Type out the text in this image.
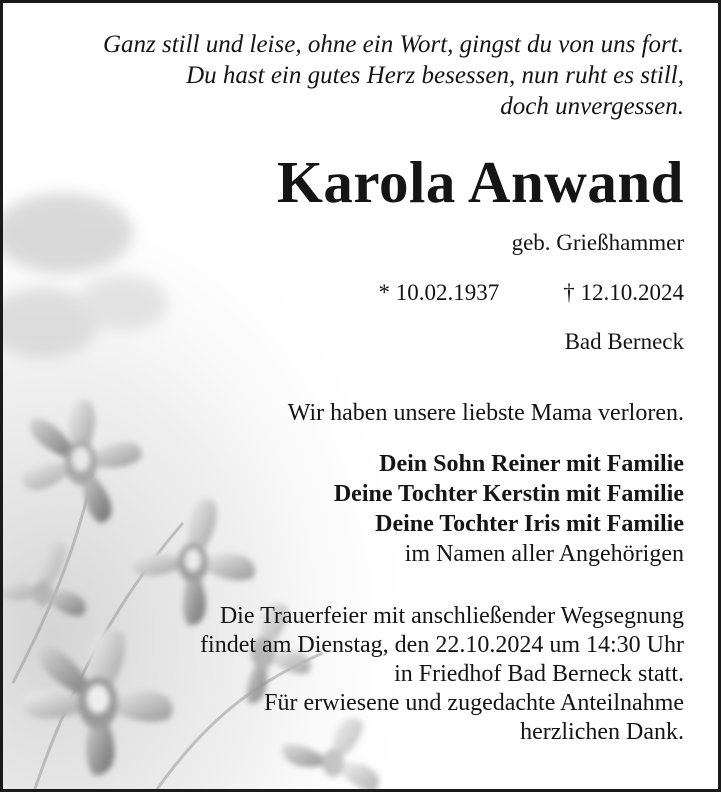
Ganz still und leise, ohne ein Wort, gingst du von uns fort.
Du hast ein gutes Herz besessen, nun ruht es still,
doch unvergessen.
Karola Anwand
geb. Grießhammer
* 10.02.1937	† 12.10.2024
Bad Berneck
Wir haben unsere liebste Mama verloren.
Dein Sohn Reiner mit Familie
Deine Tochter Kerstin mit Familie
Deine Tochter Iris mit Familie
im Namen aller Angehörigen
Die Trauerfeier mit anschließender Wegsegnung
findet am Dienstag, den 22.10.2024 um 14:30 Uhr
in Friedhof Bad Berneck statt.
Für erwiesene und zugedachte Anteilnahme
herzlichen Dank.
